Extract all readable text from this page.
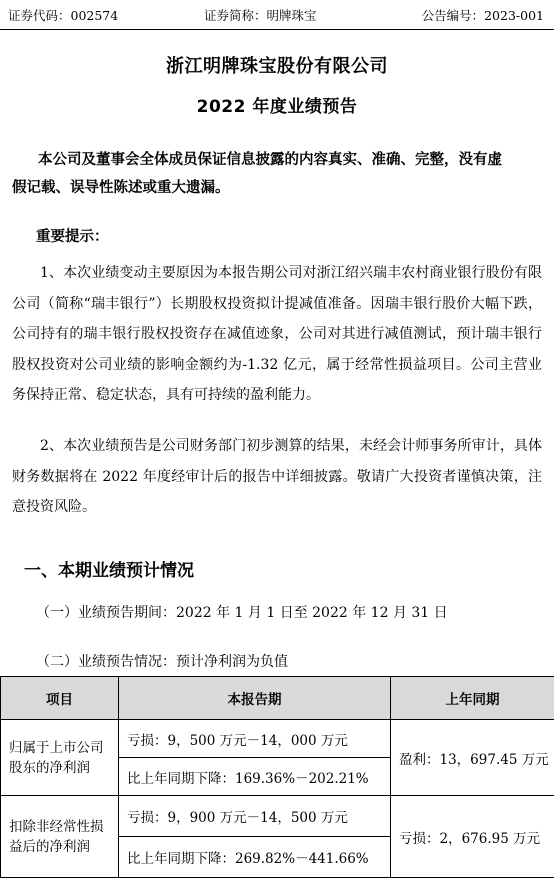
证券代码：002574	证券简称：明牌珠宝	公告编号：2023-001
浙江明牌珠宝股份有限公司
2022 年度业绩预告
本公司及董事会全体成员保证信息披露的内容真实、准确、完整，没有虚
假记载、误导性陈述或重大遗漏。
重要提示：
1、本次业绩变动主要原因为本报告期公司对浙江绍兴瑞丰农村商业银行股份有限公司（简称“瑞丰银行”）长期股权投资拟计提减值准备。因瑞丰银行股价大幅下跌，公司持有的瑞丰银行股权投资存在减值迹象，公司对其进行减值测试，预计瑞丰银行股权投资对公司业绩的影响金额约为-1.32 亿元，属于经常性损益项目。公司主营业务保持正常、稳定状态，具有可持续的盈利能力。
2、本次业绩预告是公司财务部门初步测算的结果，未经会计师事务所审计，具体财务数据将在 2022 年度经审计后的报告中详细披露。敬请广大投资者谨慎决策，注意投资风险。
一、本期业绩预计情况
（一）业绩预告期间：2022 年 1 月 1 日至 2022 年 12 月 31 日
（二）业绩预告情况：预计净利润为负值
项目	本报告期	上年同期
归属于上市公司股东的净利润	亏损：9，500 万元－14，000 万元	盈利：13，697.45 万元
	比上年同期下降：169.36%－202.21%	
扣除非经常性损益后的净利润	亏损：9，900 万元－14，500 万元	亏损：2，676.95 万元
	比上年同期下降：269.82%－441.66%	
